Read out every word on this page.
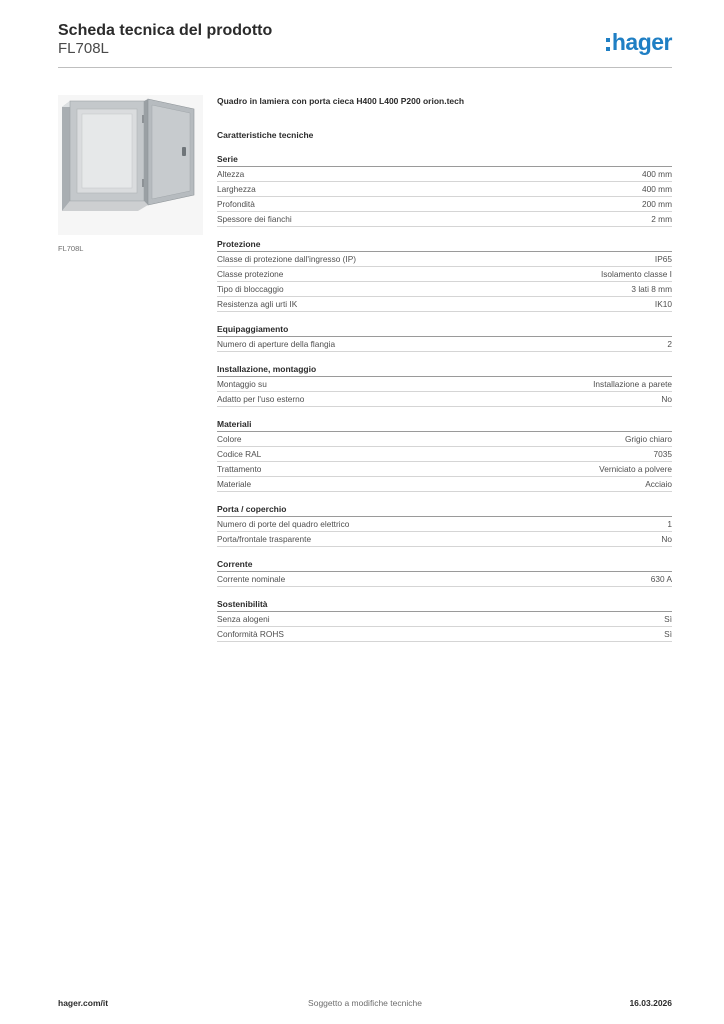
Scheda tecnica del prodotto
FL708L	hager
FL708L
Quadro in lamiera con porta cieca H400 L400 P200 orion.tech
Caratteristiche tecniche
Serie
Altezza	400 mm
Larghezza	400 mm
Profondità	200 mm
Spessore dei fianchi	2 mm
Protezione
Classe di protezione dall'ingresso (IP)	IP65
Classe protezione	Isolamento classe I
Tipo di bloccaggio	3 lati 8 mm
Resistenza agli urti IK	IK10
Equipaggiamento
Numero di aperture della flangia	2
Installazione, montaggio
Montaggio su	Installazione a parete
Adatto per l'uso esterno	No
Materiali
Colore	Grigio chiaro
Codice RAL	7035
Trattamento	Verniciato a polvere
Materiale	Acciaio
Porta / coperchio
Numero di porte del quadro elettrico	1
Porta/frontale trasparente	No
Corrente
Corrente nominale	630 A
Sostenibilità
Senza alogeni	Sì
Conformità ROHS	Sì
Soggetto a modifiche tecniche
hager.com/it	16.03.2026
